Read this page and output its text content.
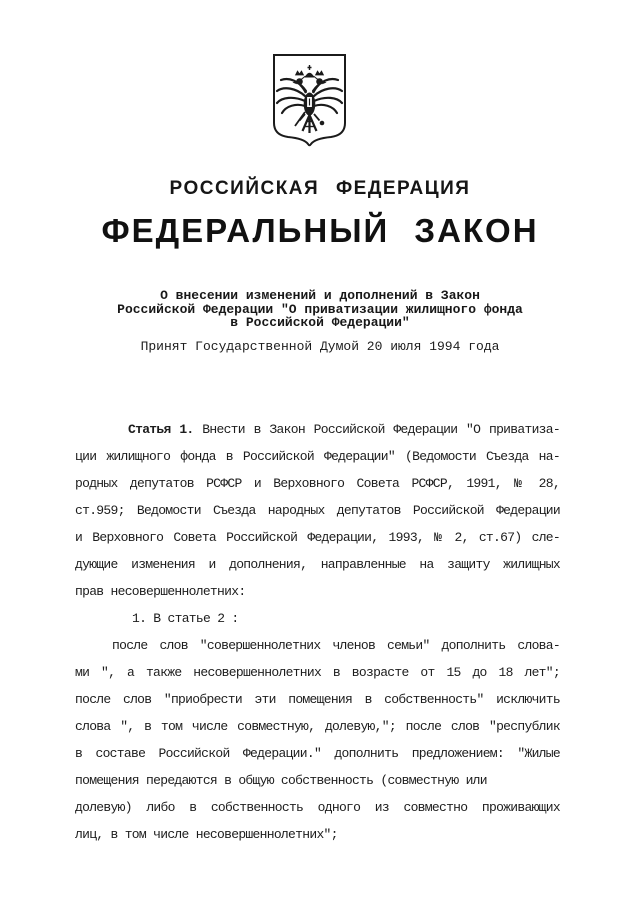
РОССИЙСКАЯ ФЕДЕРАЦИЯ
ФЕДЕРАЛЬНЫЙ ЗАКОН
О внесении изменений и дополнений в Закон
Российской Федерации "О приватизации жилищного фонда
в Российской Федерации"
Принят Государственной Думой 20 июля 1994 года
Статья 1. Внести в Закон Российской Федерации "О приватиза-
ции жилищного фонда в Российской Федерации" (Ведомости Съезда на-
родных депутатов РСФСР и Верховного Совета РСФСР, 1991, № 28,
ст.959; Ведомости Съезда народных депутатов Российской Федерации
и Верховного Совета Российской Федерации, 1993, № 2, ст.67) сле-
дующие изменения и дополнения, направленные на защиту жилищных
прав несовершеннолетних:
1. В статье 2 :
после слов "совершеннолетних членов семьи" дополнить слова-
ми ", а также несовершеннолетних в возрасте от 15 до 18 лет";
после слов "приобрести эти помещения в собственность" исключить
слова ", в том числе совместную, долевую,"; после слов "республик
в составе Российской Федерации." дополнить предложением: "Жилые
помещения передаются в общую собственность (совместную или
долевую) либо в собственность одного из совместно проживающих
лиц, в том числе несовершеннолетних";
